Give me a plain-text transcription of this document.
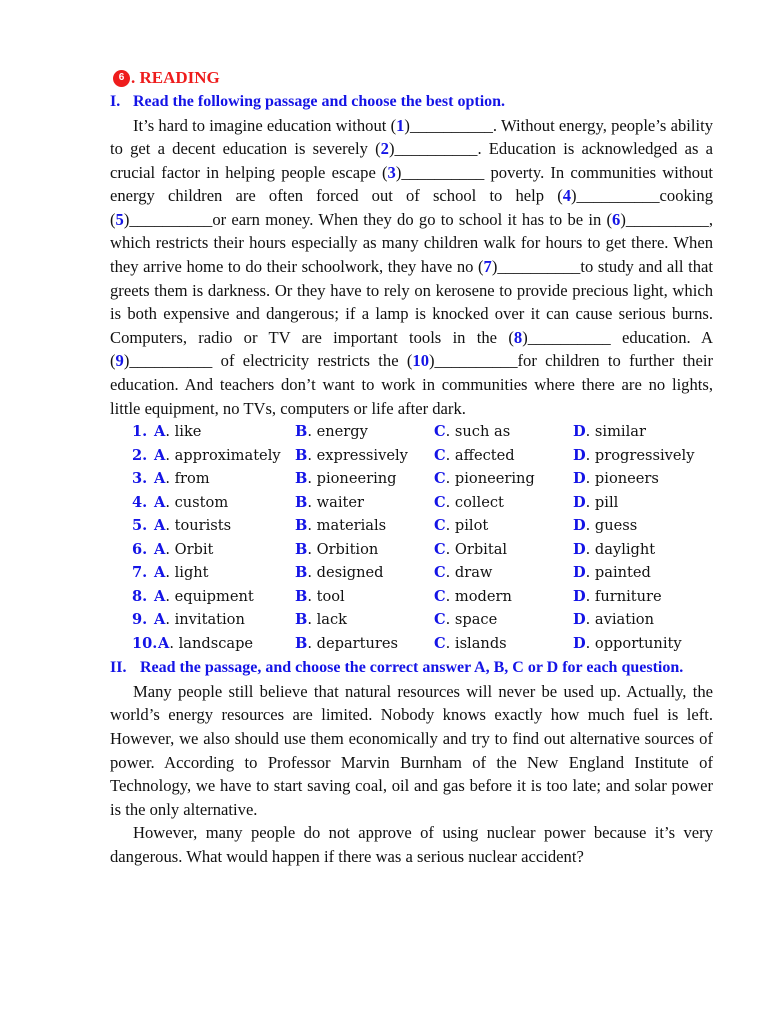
6 . READING
I. Read the following passage and choose the best option.

It’s hard to imagine education without (1)__________. Without energy, people’s ability to get a decent education is severely (2)__________. Education is acknowledged as a crucial factor in helping people escape (3)__________ poverty. In communities without energy children are often forced out of school to help (4)__________cooking (5)__________or earn money. When they do go to school it has to be in (6)__________, which restricts their hours especially as many children walk for hours to get there. When they arrive home to do their schoolwork, they have no (7)__________to study and all that greets them is darkness. Or they have to rely on kerosene to provide precious light, which is both expensive and dangerous; if a lamp is knocked over it can cause serious burns. Computers, radio or TV are important tools in the (8)__________ education. A (9)__________ of electricity restricts the (10)__________for children to further their education. And teachers don’t want to work in communities where there are no lights, little equipment, no TVs, computers or life after dark.

1. A . like	B . energy	C . such as	D . similar
2. A . approximately B . expressively C . affected	D . progressively
3. A . from	B . pioneering	C . pioneering	D . pioneers
4. A . custom	B . waiter	C . collect	D . pill
5. A . tourists	B . materials	C . pilot	D . guess
6. A . Orbit	B . Orbition	C . Orbital	D . daylight
7. A . light	B . designed	C . draw	D . painted
8. A . equipment	B . tool	C . modern	D . furniture
9. A . invitation	B . lack	C . space	D . aviation
10. A . landscape	B . departures C . islands	D . opportunity
II. Read the passage, and choose the correct answer A, B, C or D for each question.

Many people still believe that natural resources will never be used up. Actually, the world’s energy resources are limited. Nobody knows exactly how much fuel is left. However, we also should use them economically and try to find out alternative sources of power. According to Professor Marvin Burnham of the New England Institute of Technology, we have to start saving coal, oil and gas before it is too late; and solar power is the only alternative.

However, many people do not approve of using nuclear power because it’s very dangerous. What would happen if there was a serious nuclear accident?
